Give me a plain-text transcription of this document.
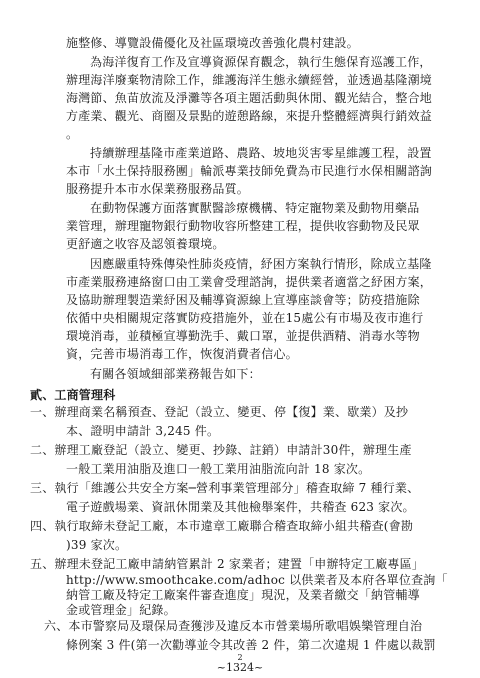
施整修、導覽設備優化及社區環境改善強化農村建設。
為海洋復育工作及宣導資源保育觀念，執行生態保育巡護工作，
辦理海洋廢棄物清除工作，維護海洋生態永續經營，並透過基隆潮境
海灣節、魚苗放流及淨灘等各項主題活動與休閒、觀光結合，整合地
方產業、觀光、商圈及景點的遊憩路線，來提升整體經濟與行銷效益
。
持續辦理基隆市產業道路、農路、坡地災害零星維護工程，設置
本市「水土保持服務團」輪派專業技師免費為市民進行水保相關諮詢
服務提升本市水保業務服務品質。
在動物保護方面落實獸醫診療機構、特定寵物業及動物用藥品
業管理，辦理寵物銀行動物收容所整建工程，提供收容動物及民眾
更舒適之收容及認領養環境。
因應嚴重特殊傳染性肺炎疫情，紓困方案執行情形，除成立基隆
市產業服務連絡窗口由工業會受理諮詢，提供業者適當之紓困方案，
及協助辦理製造業紓困及輔導資源線上宣導座談會等；防疫措施除
依循中央相關規定落實防疫措施外，並在15處公有市場及夜市進行
環境消毒，並積極宣導勤洗手、戴口罩，並提供酒精、消毒水等物
資，完善市場消毒工作，恢復消費者信心。
有關各領域細部業務報告如下：
貳、工商管理科
一、辦理商業名稱預查、登記（設立、變更、停【復】業、歇業）及抄
本、證明申請計 3,245 件。
二、辦理工廠登記（設立、變更、抄錄、註銷）申請計30件，辦理生產
一般工業用油脂及進口一般工業用油脂流向計 18 家次。
三、執行「維護公共安全方案─營利事業管理部分」稽查取締 7 種行業、
電子遊戲場業、資訊休閒業及其他檢舉案件，共稽查 623 家次。
四、執行取締未登記工廠，本市違章工廠聯合稽查取締小組共稽查(會勘
)39 家次。
五、辦理未登記工廠申請納管累計 2 家業者；建置「申辦特定工廠專區」
http://www.smoothcake.com/adhoc 以供業者及本府各單位查詢「
納管工廠及特定工廠案件審查進度」現況，及業者繳交「納管輔導
金或管理金」紀錄。
六、本市警察局及環保局查獲涉及違反本市營業場所歌唱娛樂管理自治
條例案 3 件(第一次勸導並令其改善 2 件，第二次違規 1 件處以裁罰
2
~1324~
